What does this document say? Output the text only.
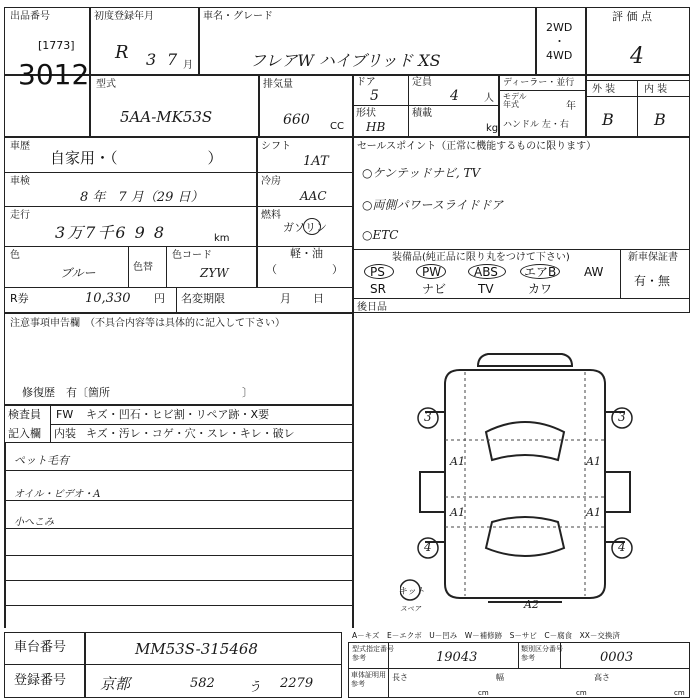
出品番号
[1773]
3012
初度登録年月
R 3 7 月
車名・グレード
フレアW ハイブリッド XS
2WD
・
4WD
評 価 点
4
型式
5AA-MK53S
排気量
660 CC
ドア
5
定員
4	人
形状
HB
積載
kg
ディーラー・並行
モデル
年式	年
ハンドル 左・右
外 装	内 装
B	B
車歴
自家用・（　　　　　　）
シフト
1AT
車検
8 年　7 月（29 日）
冷房
AAC
走行
3万7千6 9 8	km
燃料
ガソリン
軽・油
（　　　　　）
色
ブルー	色替
色コード
ZYW
R券	10,330 円 名変期限	月　　日
セールスポイント（正常に機能するものに限ります）
○ケンテッドナビ, TV
○両側パワースライドドア
○ETC
装備品(純正品に限り丸をつけて下さい)	新車保証書
有・無
PS	PW	ABS エアB AW
SR	ナビ	TV	カワ
後日品
注意事項申告欄　（不具合内容等は具体的に記入して下さい）
修復歴　有〔箇所　　　　　　　　　　　　〕
検査員
記入欄
FW キズ・凹石・ヒビ割・リペア跡・X要
内装 キズ・汚レ・コゲ・穴・スレ・キレ・破レ
ペット毛有
オイル・ビデオ・A
小へこみ
3	3
A1	A1
A1	A1
4	4
A2
キット
スペア
A－キズ　E－エクボ　U－凹み　W－補修跡　S－サビ　C－腐食　XX－交換済
型式指定番号
参考	19043
類別区分番号
参考	0003
車体証明用
参考
長さ	幅	高さ
cm	cm	cm
車台番号	MM53S-315468
登録番号 京都	582	う 2279
